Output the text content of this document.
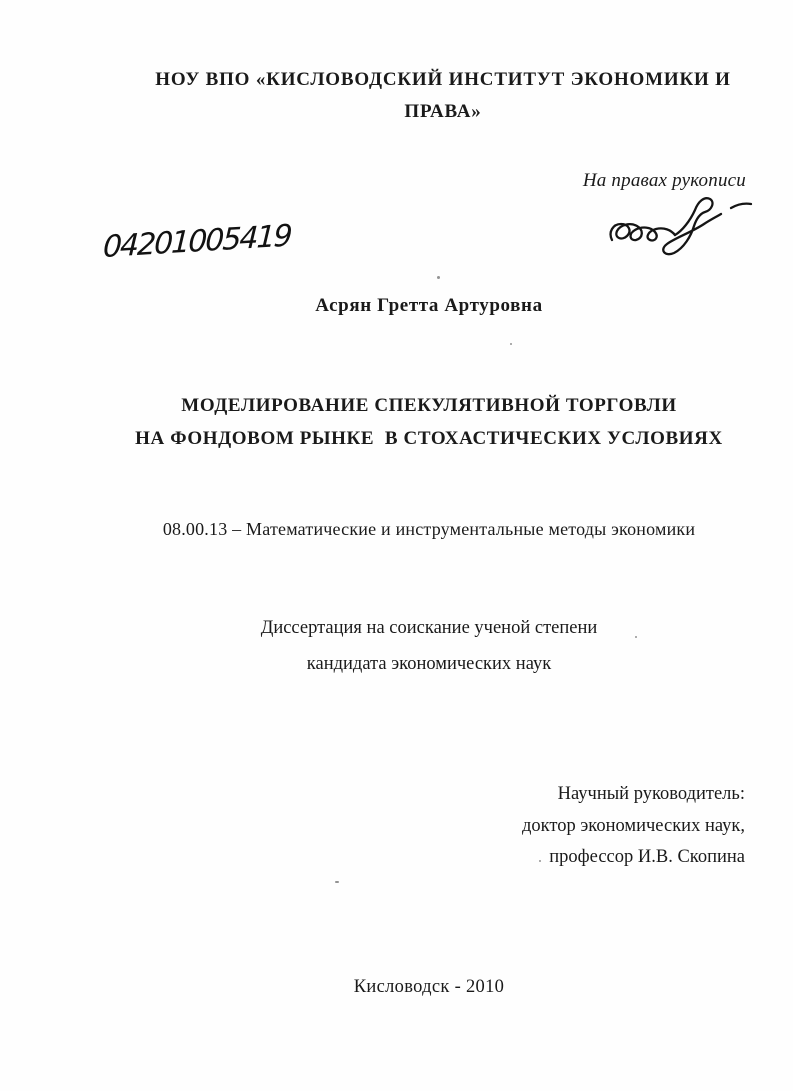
НОУ ВПО «КИСЛОВОДСКИЙ ИНСТИТУТ ЭКОНОМИКИ И
ПРАВА»
На правах рукописи
04201005419
Асрян Гретта Артуровна
МОДЕЛИРОВАНИЕ СПЕКУЛЯТИВНОЙ ТОРГОВЛИ
НА ФОНДОВОМ РЫНКЕ  В СТОХАСТИЧЕСКИХ УСЛОВИЯХ
08.00.13 – Математические и инструментальные методы экономики
Диссертация на соискание ученой степени
кандидата экономических наук
Научный руководитель:
доктор экономических наук,
профессор И.В. Скопина
Кисловодск - 2010
